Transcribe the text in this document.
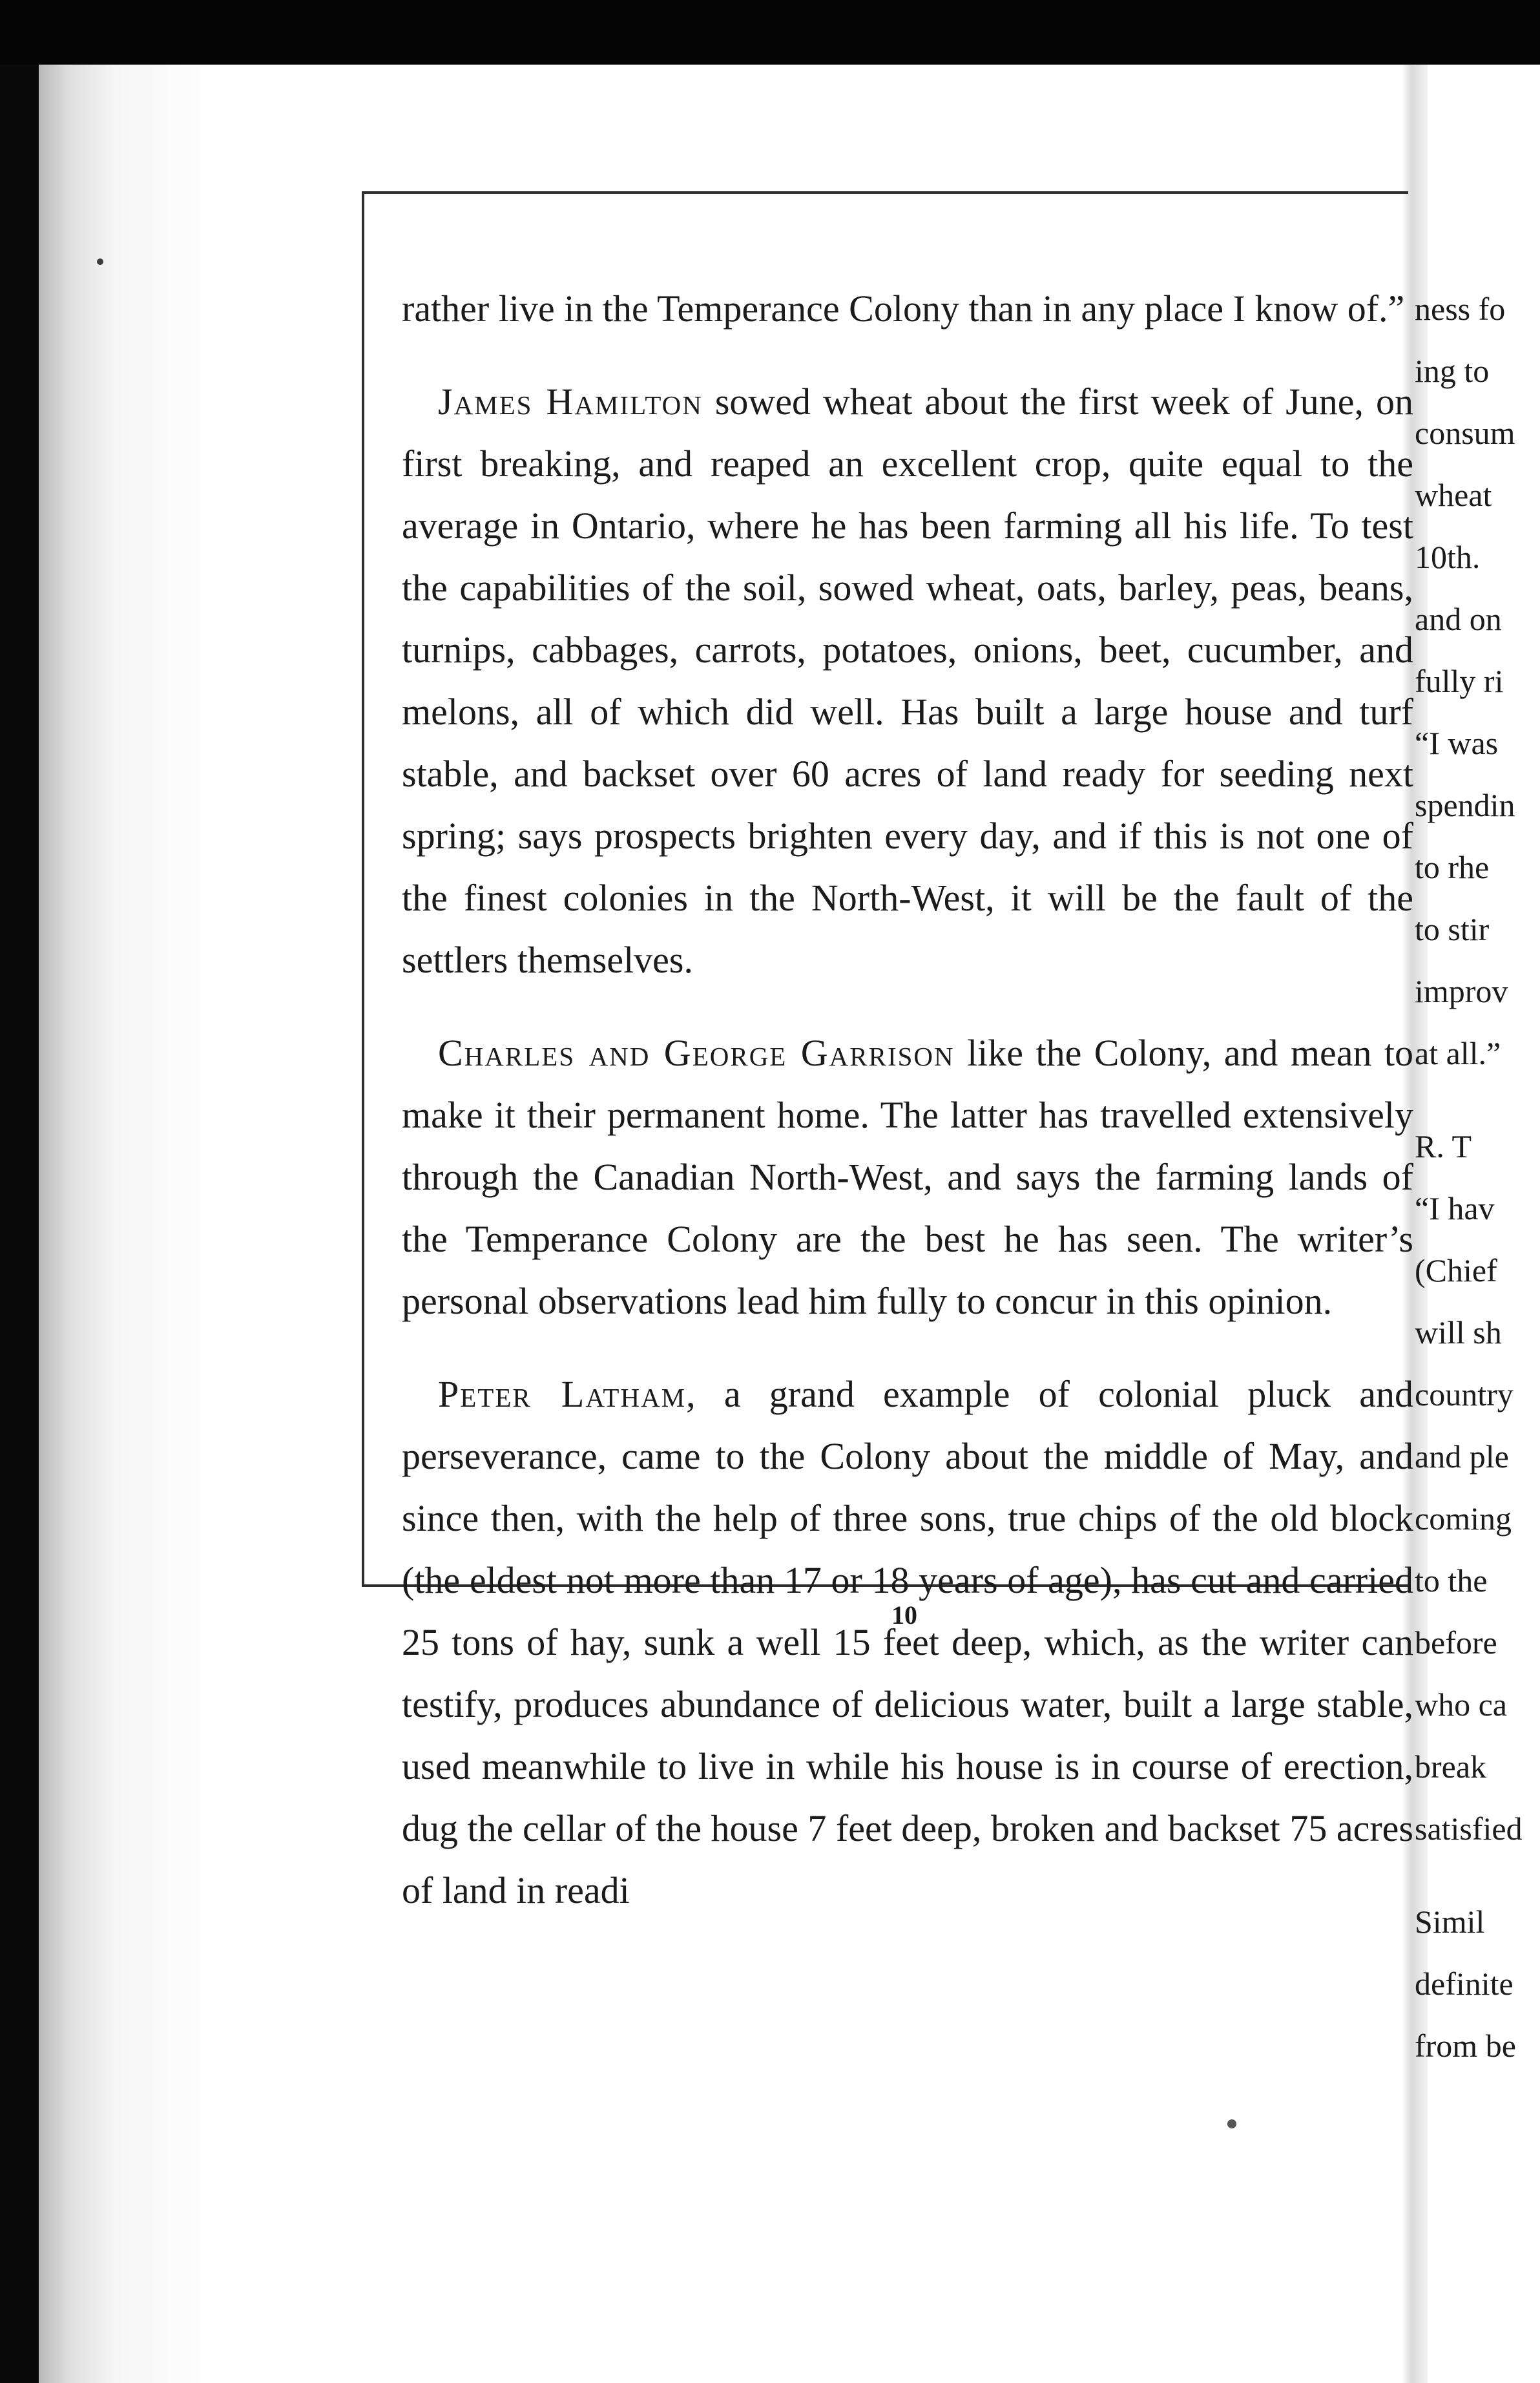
rather live in the Temperance Colony than in any place I know of.”

James Hamilton sowed wheat about the first week of June, on first breaking, and reaped an excellent crop, quite equal to the average in Ontario, where he has been farming all his life. To test the capabilities of the soil, sowed wheat, oats, barley, peas, beans, turnips, cabbages, carrots, potatoes, onions, beet, cucumber, and melons, all of which did well. Has built a large house and turf stable, and backset over 60 acres of land ready for seeding next spring; says prospects brighten every day, and if this is not one of the finest colonies in the North-West, it will be the fault of the settlers themselves.

Charles and George Garrison like the Colony, and mean to make it their permanent home. The latter has travelled extensively through the Canadian North-West, and says the farming lands of the Temperance Colony are the best he has seen. The writer’s personal observations lead him fully to concur in this opinion.

Peter Latham, a grand example of colonial pluck and perseverance, came to the Colony about the middle of May, and since then, with the help of three sons, true chips of the old block (the eldest not more than 17 or 18 years of age), has cut and carried 25 tons of hay, sunk a well 15 feet deep, which, as the writer can testify, produces abundance of delicious water, built a large stable, used meanwhile to live in while his house is in course of erection, dug the cellar of the house 7 feet deep, broken and backset 75 acres of land in readi

ness fo
ing to
consum
wheat
10th.
and on
fully ri
“I was
spendin
to rhe
to stir
improv
at all.”
R. T
“I hav
(Chief
will sh
country
and ple
coming
to the
before
who ca
break
satisfied
Simil
definite
from be
10
